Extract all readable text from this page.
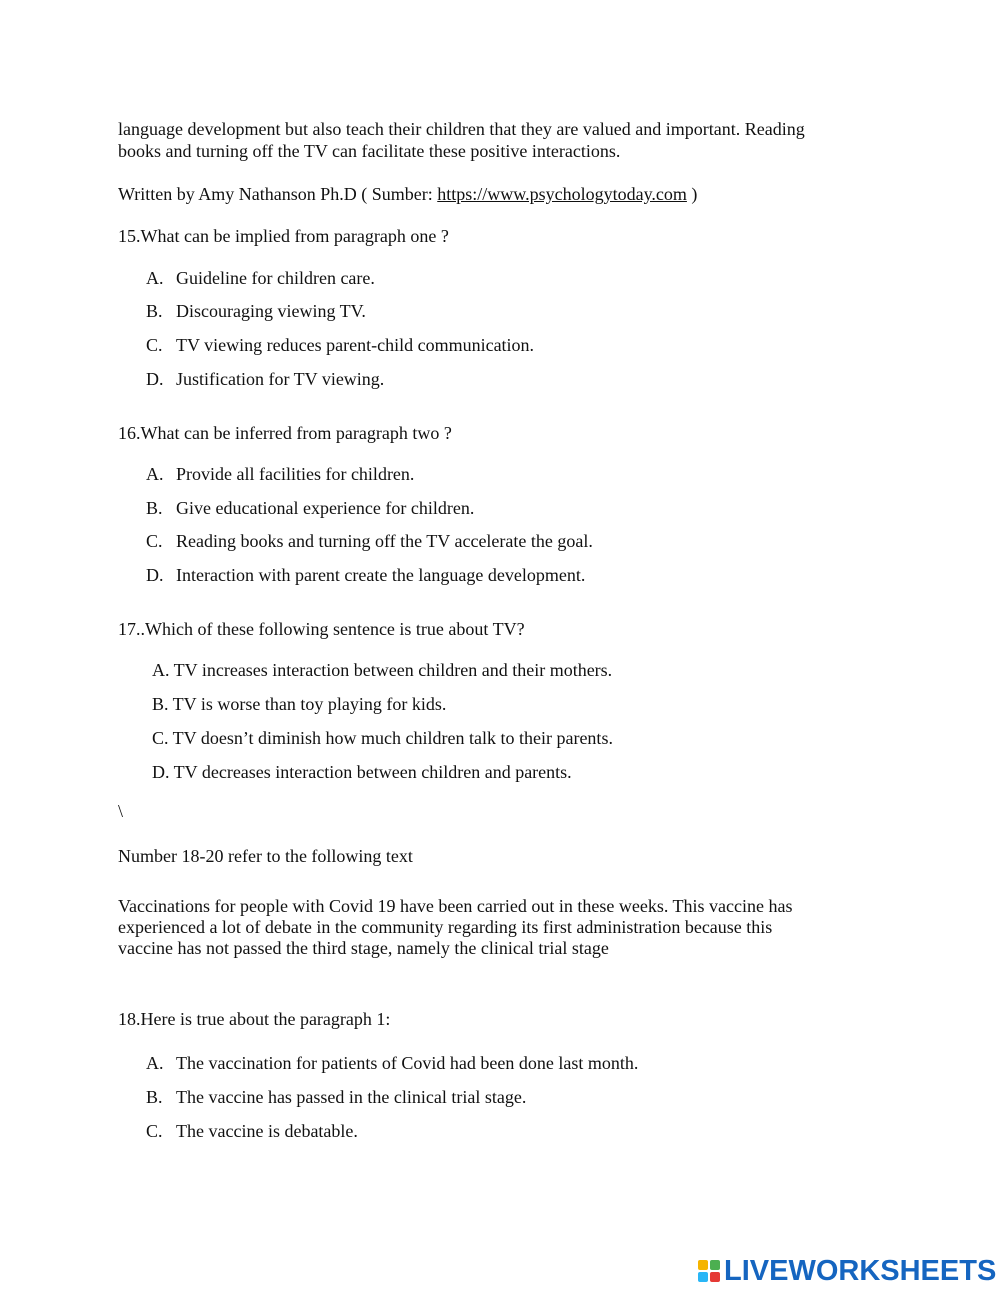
language development but also teach their children that they are valued and important. Reading
books and turning off the TV can facilitate these positive interactions.
Written by Amy Nathanson Ph.D ( Sumber: https://www.psychologytoday.com )
15.What can be implied from paragraph one ?
A. Guideline for children care.
B. Discouraging viewing TV.
C. TV viewing reduces parent-child communication.
D. Justification for TV viewing.
16.What can be inferred from paragraph two ?
A. Provide all facilities for children.
B. Give educational experience for children.
C. Reading books and turning off the TV accelerate the goal.
D. Interaction with parent create the language development.
17..Which of these following sentence is true about TV?
A. TV increases interaction between children and their mothers.
B. TV is worse than toy playing for kids.
C. TV doesn’t diminish how much children talk to their parents.
D. TV decreases interaction between children and parents.
\
Number 18-20 refer to the following text
Vaccinations for people with Covid 19 have been carried out in these weeks. This vaccine has
experienced a lot of debate in the community regarding its first administration because this
vaccine has not passed the third stage, namely the clinical trial stage
18.Here is true about the paragraph 1:
A. The vaccination for patients of Covid had been done last month.
B. The vaccine has passed in the clinical trial stage.
C. The vaccine is debatable.
LIVEWORKSHEETS
